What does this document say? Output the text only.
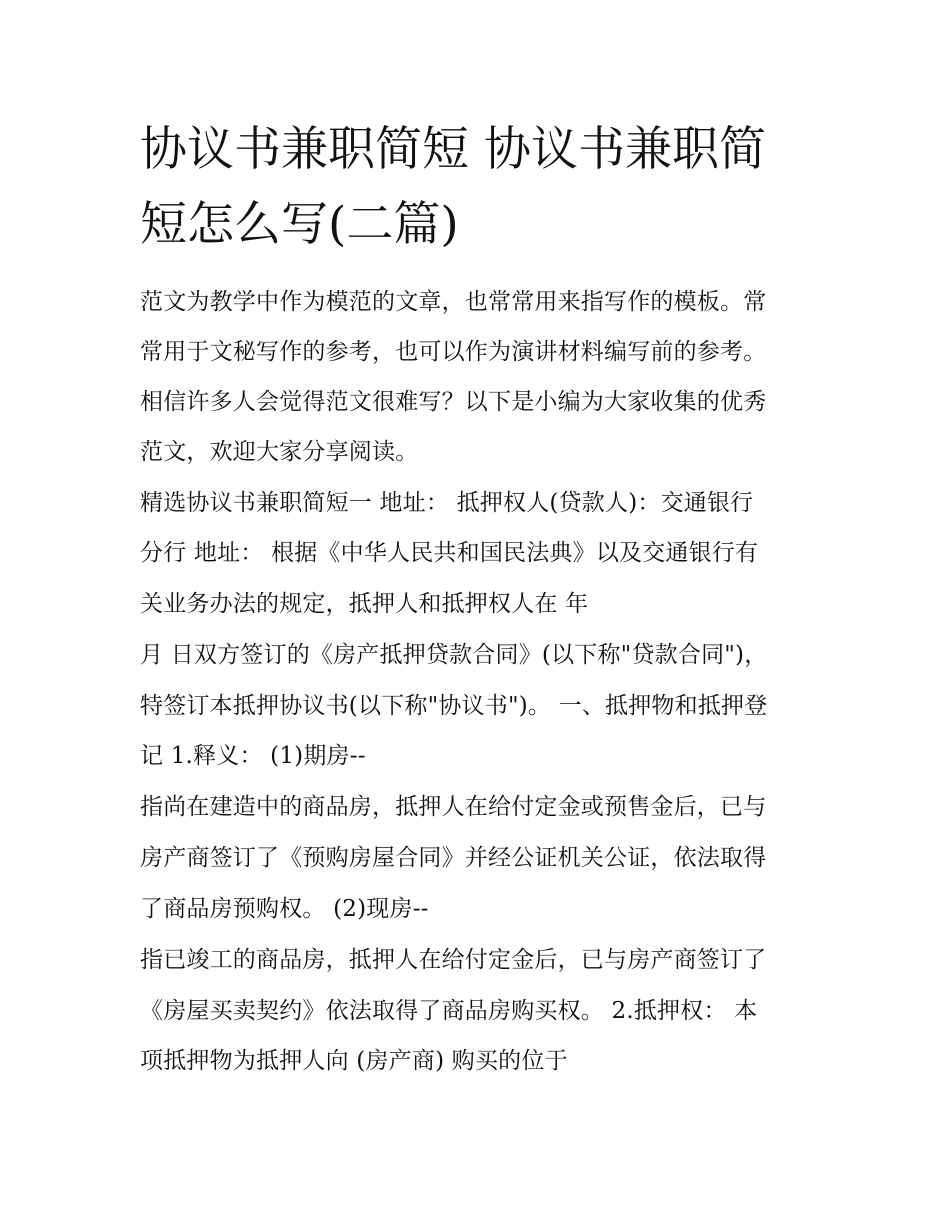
协议书兼职简短 协议书兼职简
短怎么写(二篇)

范文为教学中作为模范的文章，也常常用来指写作的模板。常

常用于文秘写作的参考，也可以作为演讲材料编写前的参考。

相信许多人会觉得范文很难写？以下是小编为大家收集的优秀

范文，欢迎大家分享阅读。

精选协议书兼职简短一 地址： 抵押权人(贷款人)：交通银行

分行 地址： 根据《中华人民共和国民法典》以及交通银行有

关业务办法的规定，抵押人和抵押权人在 年

月 日双方签订的《房产抵押贷款合同》(以下称"贷款合同")，

特签订本抵押协议书(以下称"协议书")。 一、抵押物和抵押登

记 1.释义： (1)期房--

指尚在建造中的商品房，抵押人在给付定金或预售金后，已与

房产商签订了《预购房屋合同》并经公证机关公证，依法取得

了商品房预购权。 (2)现房--

指已竣工的商品房，抵押人在给付定金后，已与房产商签订了

《房屋买卖契约》依法取得了商品房购买权。 2.抵押权： 本

项抵押物为抵押人向 (房产商) 购买的位于
